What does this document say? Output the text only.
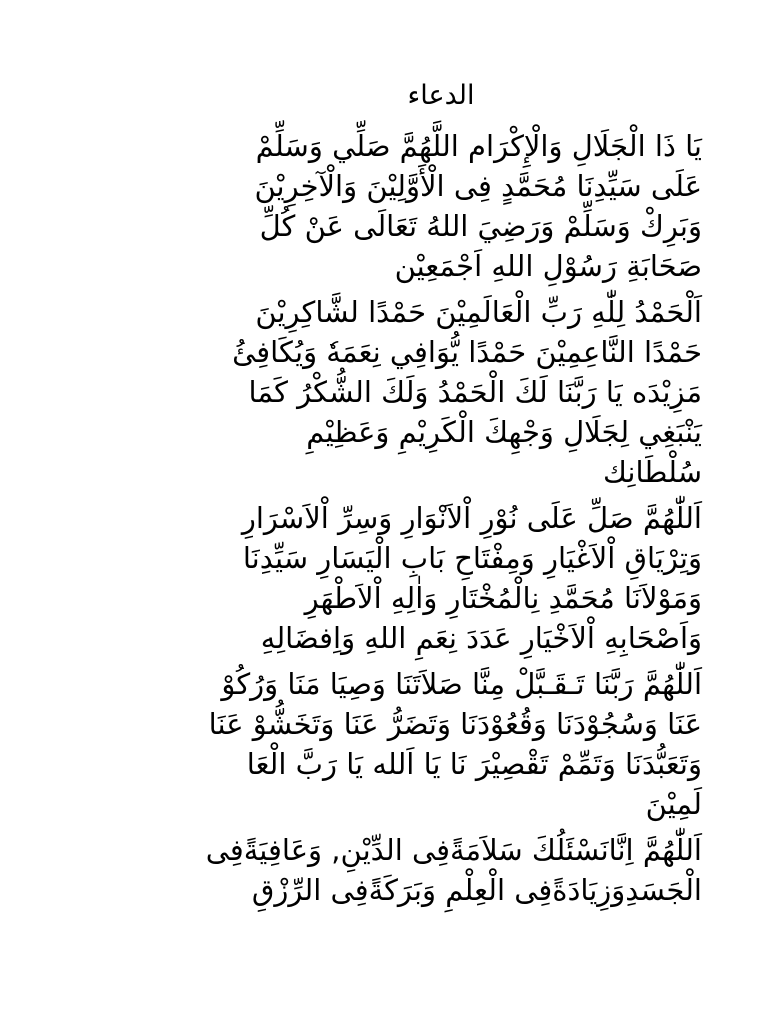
الدعاء
يَا ذَا الْجَلَالِ وَالْإِكْرَام اللَّهُمَّ صَلِّي وَسَلِّمْ
عَلَى سَيِّدِنَا مُحَمَّدٍ فِى الْأَوَّلِيْنَ وَالْآخِرِيْنَ
وَبَرِكْ وَسَلِّمْ وَرَضِيَ اللهُ تَعَالَى عَنْ كُلِّ
صَحَابَةِ رَسُوْلِ اللهِ اَجْمَعِيْن
اَلْحَمْدُ لِلّٰهِ رَبِّ الْعَالَمِيْنَ حَمْدًا لشَّاكِرِيْنَ
حَمْدًا النَّاعِمِيْنَ حَمْدًا يُّوَافِي نِعَمَهٗ وَيُكَافِئُ
مَزِيْدَه يَا رَبَّنَا لَكَ الْحَمْدُ وَلَكَ الشُّكْرُ كَمَا
يَنْبَغِي لِجَلَالِ وَجْهِكَ الْكَرِيْمِ وَعَظِيْمِ
سُلْطَانِك
اَللّٰهُمَّ صَلِّ عَلَى نُوْرِ اْلاَنْوَارِ وَسِرِّ اْلاَسْرَارِ
وَتِرْيَاقِ اْلاَغْيَارِ وَمِفْتَاحِ بَابِ الْيَسَارِ سَيِّدِنَا
وَمَوْلاَنَا مُحَمَّدِ نِالْمُخْتَارِ وَاٰلِهِ اْلاَطْهَرِ
وَاَصْحَابِهِ اْلاَخْيَارِ عَدَدَ نِعَمِ اللهِ وَاِفضَالِهِ
اَللّٰهُمَّ رَبَّنَا تَـقَـبَّلْ مِنَّا صَلاَتَنَا وَصِيَا مَنَا وَرُكُوْ
عَنَا وَسُجُوْدَنَا وَقُعُوْدَنَا وَتَضَرُّ عَنَا وَتَخَشُّوْ عَنَا
وَتَعَبُّدَنَا وَتَمِّمْ تَقْصِيْرَ نَا يَا اَلله يَا رَبَّ الْعَا
لَمِيْنَ
اَللّٰهُمَّ اِنَّانَسْئَلُكَ سَلاَمَةًفِى الدِّيْنِ, وَعَافِيَةًفِى
الْجَسَدِوَزِيَادَةًفِى الْعِلْمِ وَبَرَكَةًفِى الرِّزْقِ
